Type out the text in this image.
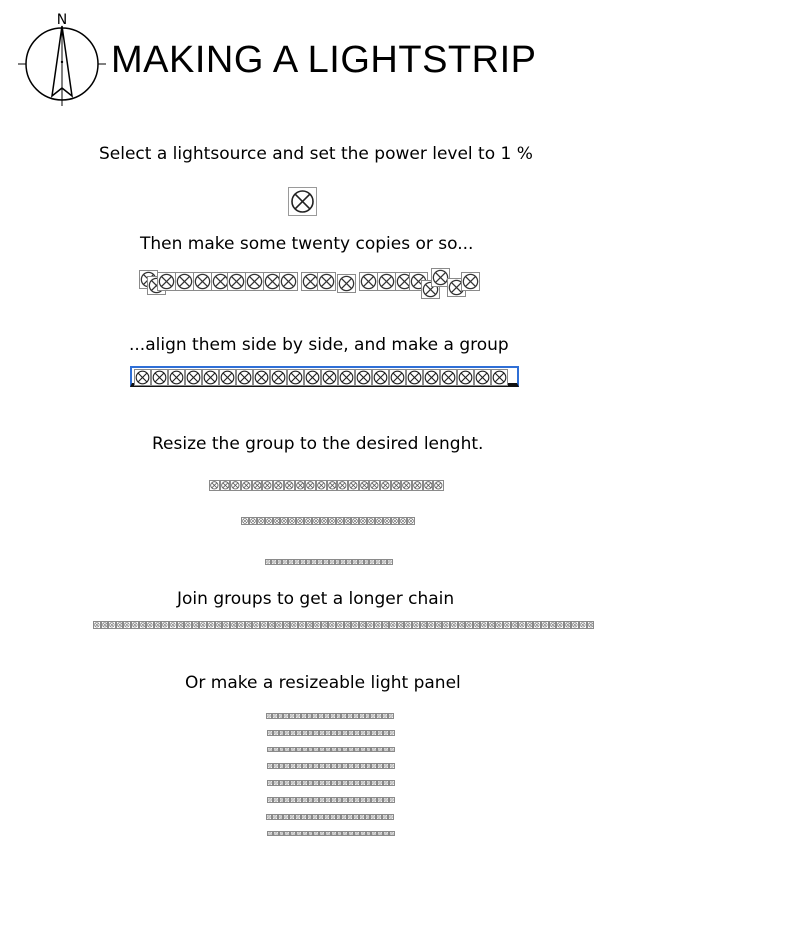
N
MAKING A LIGHTSTRIP
Select a lightsource and set the power level to 1 %
Then make some twenty copies or so...
...align them side by side, and make a group
Resize the group to the desired lenght.
Join groups to get a longer chain
Or make a resizeable light panel
